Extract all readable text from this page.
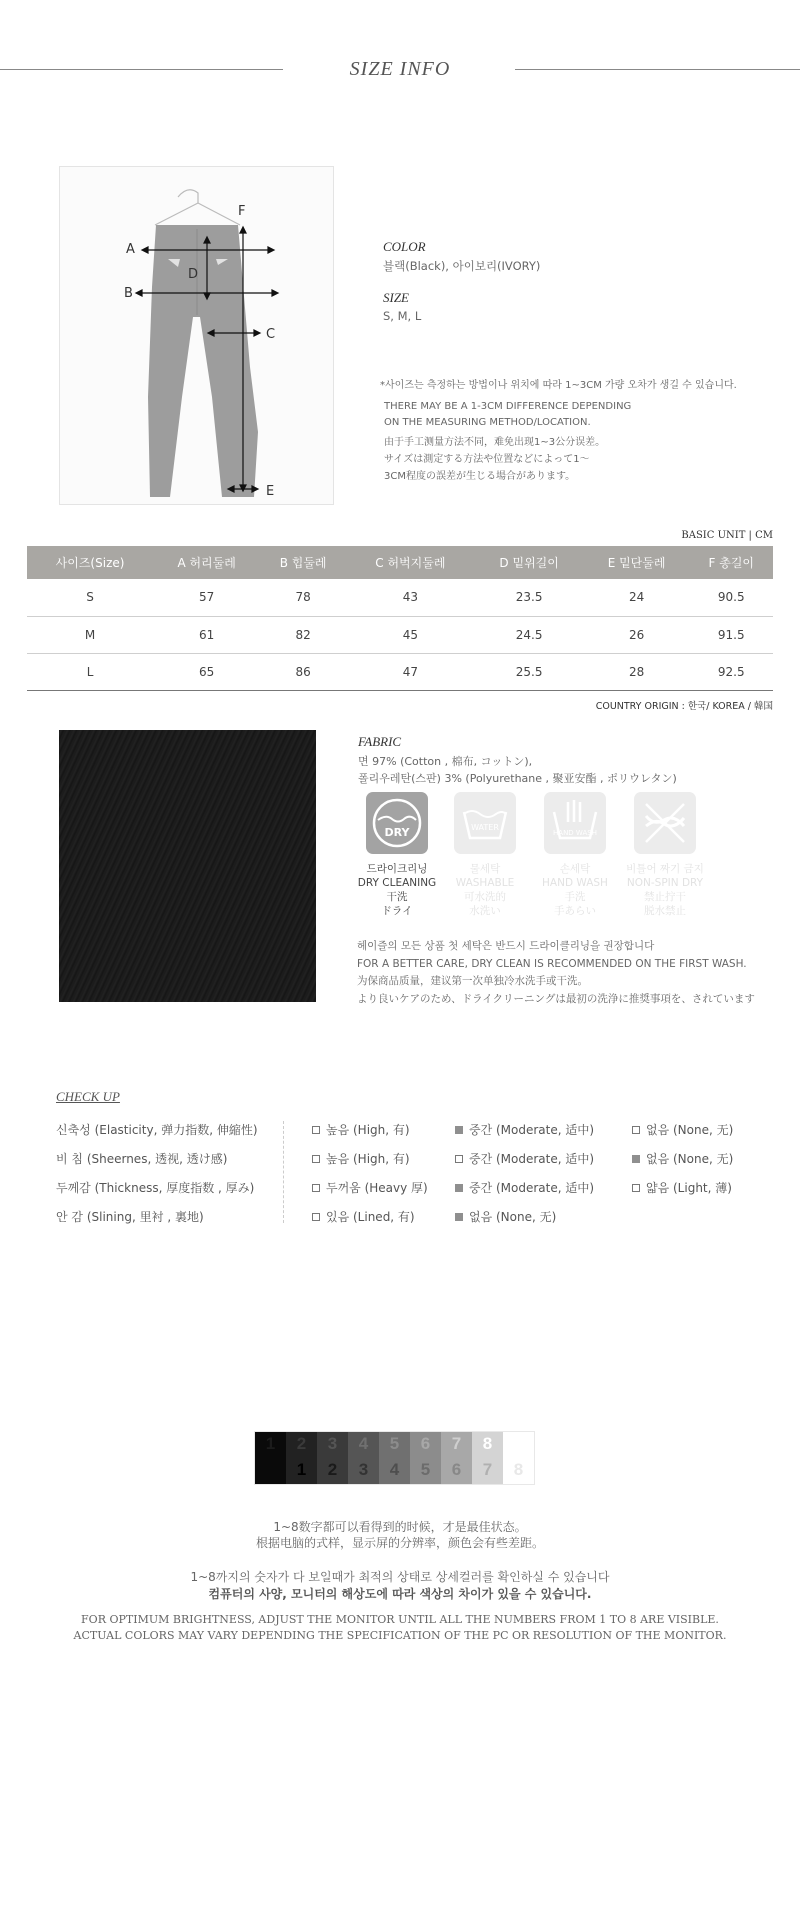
SIZE INFO
A
B
C
D
E
F
COLOR
블랙(Black), 아이보리(IVORY)
SIZE
S, M, L
*사이즈는 측정하는 방법이나 위치에 따라 1~3CM 가량 오차가 생길 수 있습니다.
THERE MAY BE A 1-3CM DIFFERENCE DEPENDING
ON THE MEASURING METHOD/LOCATION.
由于手工测量方法不同，难免出现1~3公分误差。
サイズは測定する方法や位置などによって1～
3CM程度の誤差が生じる場合があります。
BASIC UNIT | CM
사이즈(Size)	A 허리둘레	B 힙둘레	C 허벅지둘레	D 밑위길이	E 밑단둘레	F 총길이
S	57	78	43	23.5	24	90.5
M	61	82	45	24.5	26	91.5
L	65	86	47	25.5	28	92.5
COUNTRY ORIGIN : 한국/ KOREA / 韓国
FABRIC
면 97% (Cotton , 棉布, コットン),
폴리우레탄(스판) 3% (Polyurethane , 聚亚安酯 , ポリウレタン)
DRY	WATER
HAND WASH
드라이크리닝
DRY CLEANING
干洗
ドライ
물세탁
WASHABLE
可水洗的
水洗い
손세탁
HAND WASH
手洗
手あらい
비틀어 짜기 금지
NON-SPIN DRY
禁止拧干
脱水禁止
헤이즐의 모든 상품 첫 세탁은 반드시 드라이클리닝을 권장합니다
FOR A BETTER CARE, DRY CLEAN IS RECOMMENDED ON THE FIRST WASH.
为保商品质量，建议第一次单独冷水洗手或干洗。
より良いケアのため、ドライクリーニングは最初の洗浄に推奨事項を、されています
CHECK UP
신축성 (Elasticity, 弹力指数, 伸縮性)	높음 (High, 有)	중간 (Moderate, 适中)	없음 (None, 无)
비 침 (Sheernes, 透视, 透け感)	높음 (High, 有)	중간 (Moderate, 适中)	없음 (None, 无)
두께감 (Thickness, 厚度指数 , 厚み)	두꺼움 (Heavy 厚)	중간 (Moderate, 适中)	얇음 (Light, 薄)
안 감 (Slining, 里衬 , 裏地)	있음 (Lined, 有)	없음 (None, 无)
1	2
1
3
2
4
3
5
4
6
5
7
6
8
7	8
1~8数字都可以看得到的时候，才是最佳状态。
根据电脑的式样，显示屏的分辨率，颜色会有些差距。
1~8까지의 숫자가 다 보일때가 최적의 상태로 상세컬러를 확인하실 수 있습니다
컴퓨터의 사양, 모니터의 해상도에 따라 색상의 차이가 있을 수 있습니다.
FOR OPTIMUM BRIGHTNESS, ADJUST THE MONITOR UNTIL ALL THE NUMBERS FROM 1 TO 8 ARE VISIBLE.
ACTUAL COLORS MAY VARY DEPENDING THE SPECIFICATION OF THE PC OR RESOLUTION OF THE MONITOR.
